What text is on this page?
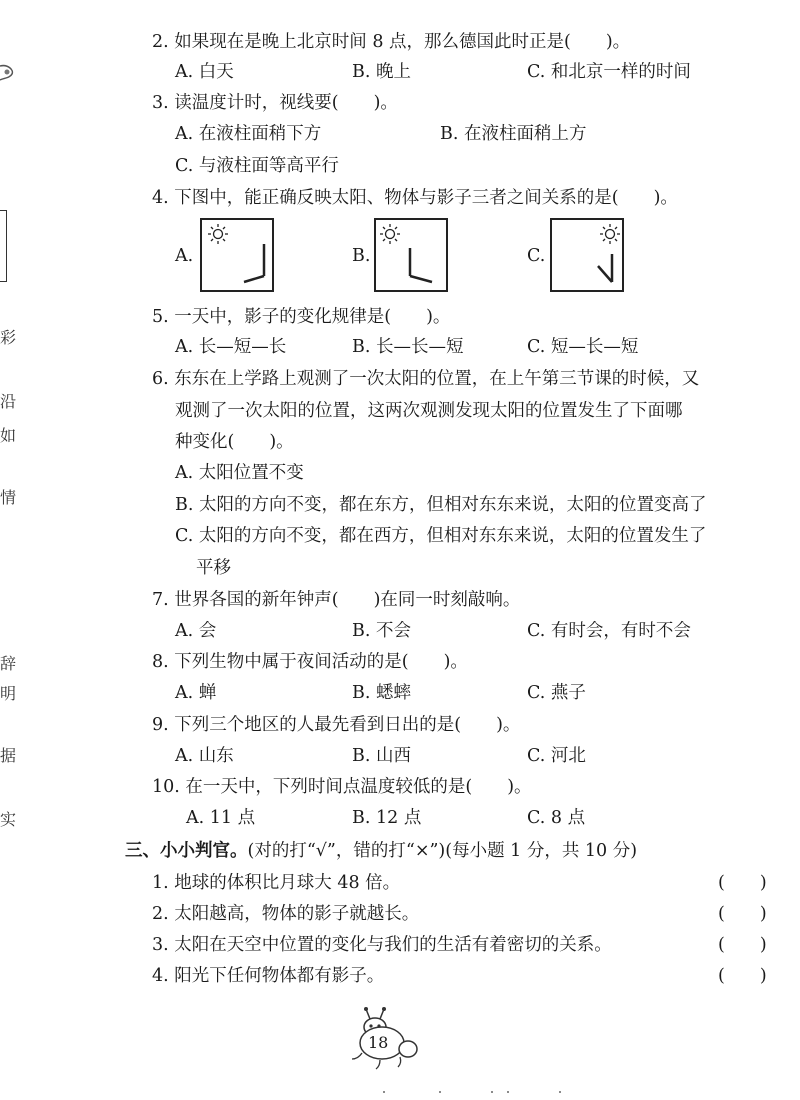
彩
沿
如
情
辞
明
据
实
2. 如果现在是晚上北京时间 8 点，那么德国此时正是(　　)。
A. 白天	B. 晚上	C. 和北京一样的时间
3. 读温度计时，视线要(　　)。
A. 在液柱面稍下方	B. 在液柱面稍上方
C. 与液柱面等高平行
4. 下图中，能正确反映太阳、物体与影子三者之间关系的是(　　)。
A.	B.	C.
5. 一天中，影子的变化规律是(　　)。
A. 长—短—长	B. 长—长—短	C. 短—长—短
6. 东东在上学路上观测了一次太阳的位置，在上午第三节课的时候，又
观测了一次太阳的位置，这两次观测发现太阳的位置发生了下面哪
种变化(　　)。
A. 太阳位置不变
B. 太阳的方向不变，都在东方，但相对东东来说，太阳的位置变高了
C. 太阳的方向不变，都在西方，但相对东东来说，太阳的位置发生了
平移
7. 世界各国的新年钟声(　　)在同一时刻敲响。
A. 会	B. 不会	C. 有时会，有时不会
8. 下列生物中属于夜间活动的是(　　)。
A. 蝉	B. 蟋蟀	C. 燕子
9. 下列三个地区的人最先看到日出的是(　　)。
A. 山东	B. 山西	C. 河北
10. 在一天中，下列时间点温度较低的是(　　)。
A. 11 点	B. 12 点	C. 8 点
三、小小判官。(对的打“√”，错的打“×”)(每小题 1 分，共 10 分)
1. 地球的体积比月球大 48 倍。	(　　)
2. 太阳越高，物体的影子就越长。	(　　)
3. 太阳在天空中位置的变化与我们的生活有着密切的关系。	(　　)
4. 阳光下任何物体都有影子。	(　　)
18
